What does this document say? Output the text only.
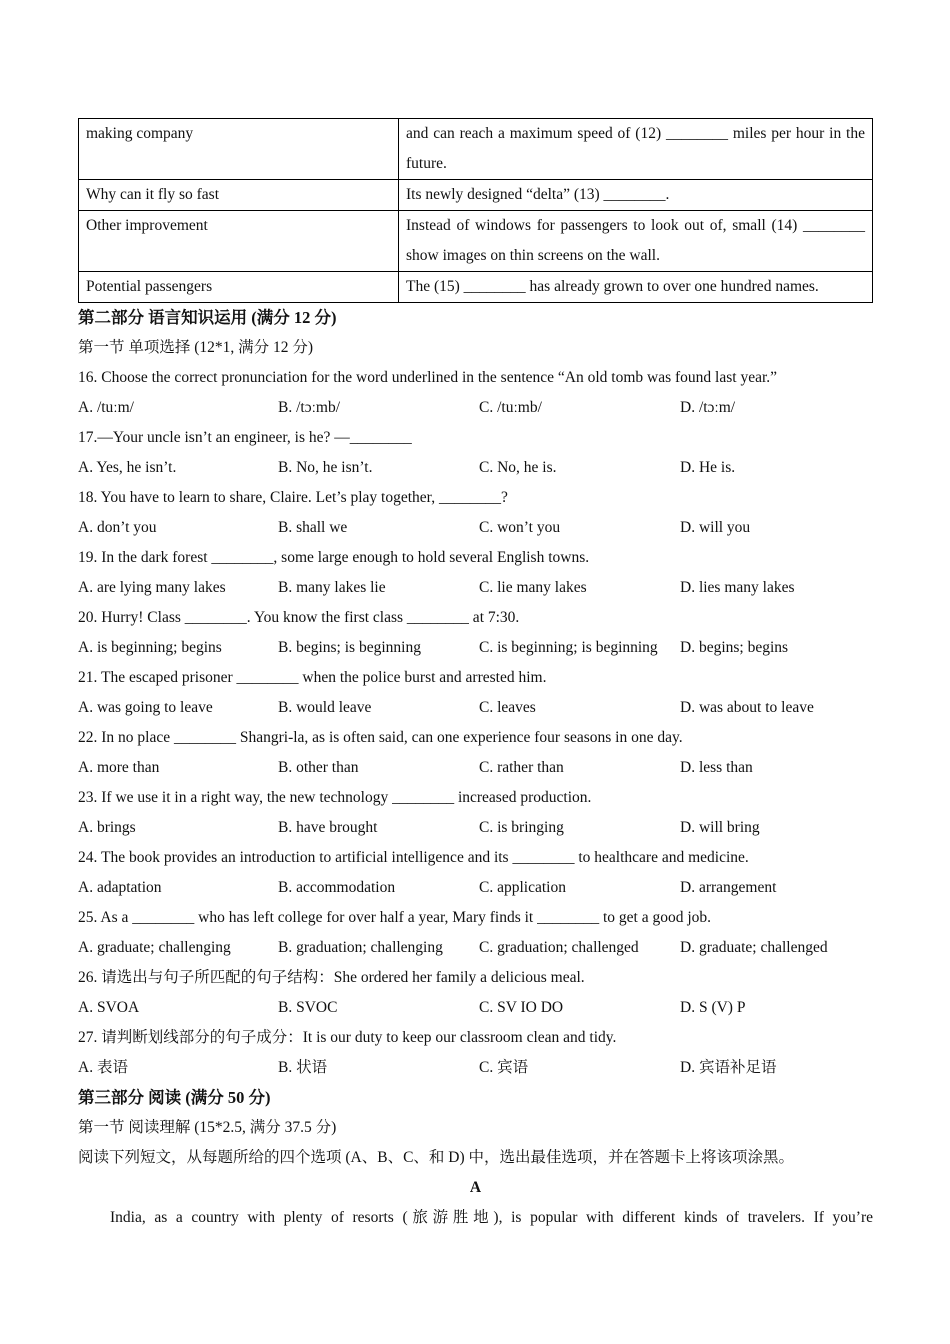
making company	and can reach a maximum speed of (12) ________ miles per hour in the future.
Why can it fly so fast	Its newly designed “delta” (13) ________.
Other improvement	Instead of windows for passengers to look out of, small (14) ________ show images on thin screens on the wall.
Potential passengers	The (15) ________ has already grown to over one hundred names.
第二部分 语言知识运用 (满分 12 分)
第一节 单项选择 (12*1, 满分 12 分)
16. Choose the correct pronunciation for the word underlined in the sentence “An old tomb was found last year.”
A. /tuːm/	B. /tɔːmb/	C. /tuːmb/	D. /tɔːm/
17.—Your uncle isn’t an engineer, is he? —________
A. Yes, he isn’t.	B. No, he isn’t.	C. No, he is.	D. He is.
18. You have to learn to share, Claire. Let’s play together, ________?
A. don’t you	B. shall we	C. won’t you	D. will you
19. In the dark forest ________, some large enough to hold several English towns.
A. are lying many lakes	B. many lakes lie	C. lie many lakes	D. lies many lakes
20. Hurry! Class ________. You know the first class ________ at 7:30.
A. is beginning; begins	B. begins; is beginning	C. is beginning; is beginning	D. begins; begins
21. The escaped prisoner ________ when the police burst and arrested him.
A. was going to leave	B. would leave	C. leaves	D. was about to leave
22. In no place ________ Shangri-la, as is often said, can one experience four seasons in one day.
A. more than	B. other than	C. rather than	D. less than
23. If we use it in a right way, the new technology ________ increased production.
A. brings	B. have brought	C. is bringing	D. will bring
24. The book provides an introduction to artificial intelligence and its ________ to healthcare and medicine.
A. adaptation	B. accommodation	C. application	D. arrangement
25. As a ________ who has left college for over half a year, Mary finds it ________ to get a good job.
A. graduate; challenging	B. graduation; challenging	C. graduation; challenged	D. graduate; challenged
26. 请选出与句子所匹配的句子结构：She ordered her family a delicious meal.
A. SVOA	B. SVOC	C. SV IO DO	D. S (V) P
27. 请判断划线部分的句子成分：It is our duty to keep our classroom clean and tidy.
A. 表语	B. 状语	C. 宾语	D. 宾语补足语
第三部分 阅读 (满分 50 分)
第一节 阅读理解 (15*2.5, 满分 37.5 分)
阅读下列短文，从每题所给的四个选项 (A、B、C、和 D) 中，选出最佳选项，并在答题卡上将该项涂黑。
A
India, as a country with plenty of resorts (旅游胜地), is popular with different kinds of travelers. If you’re
